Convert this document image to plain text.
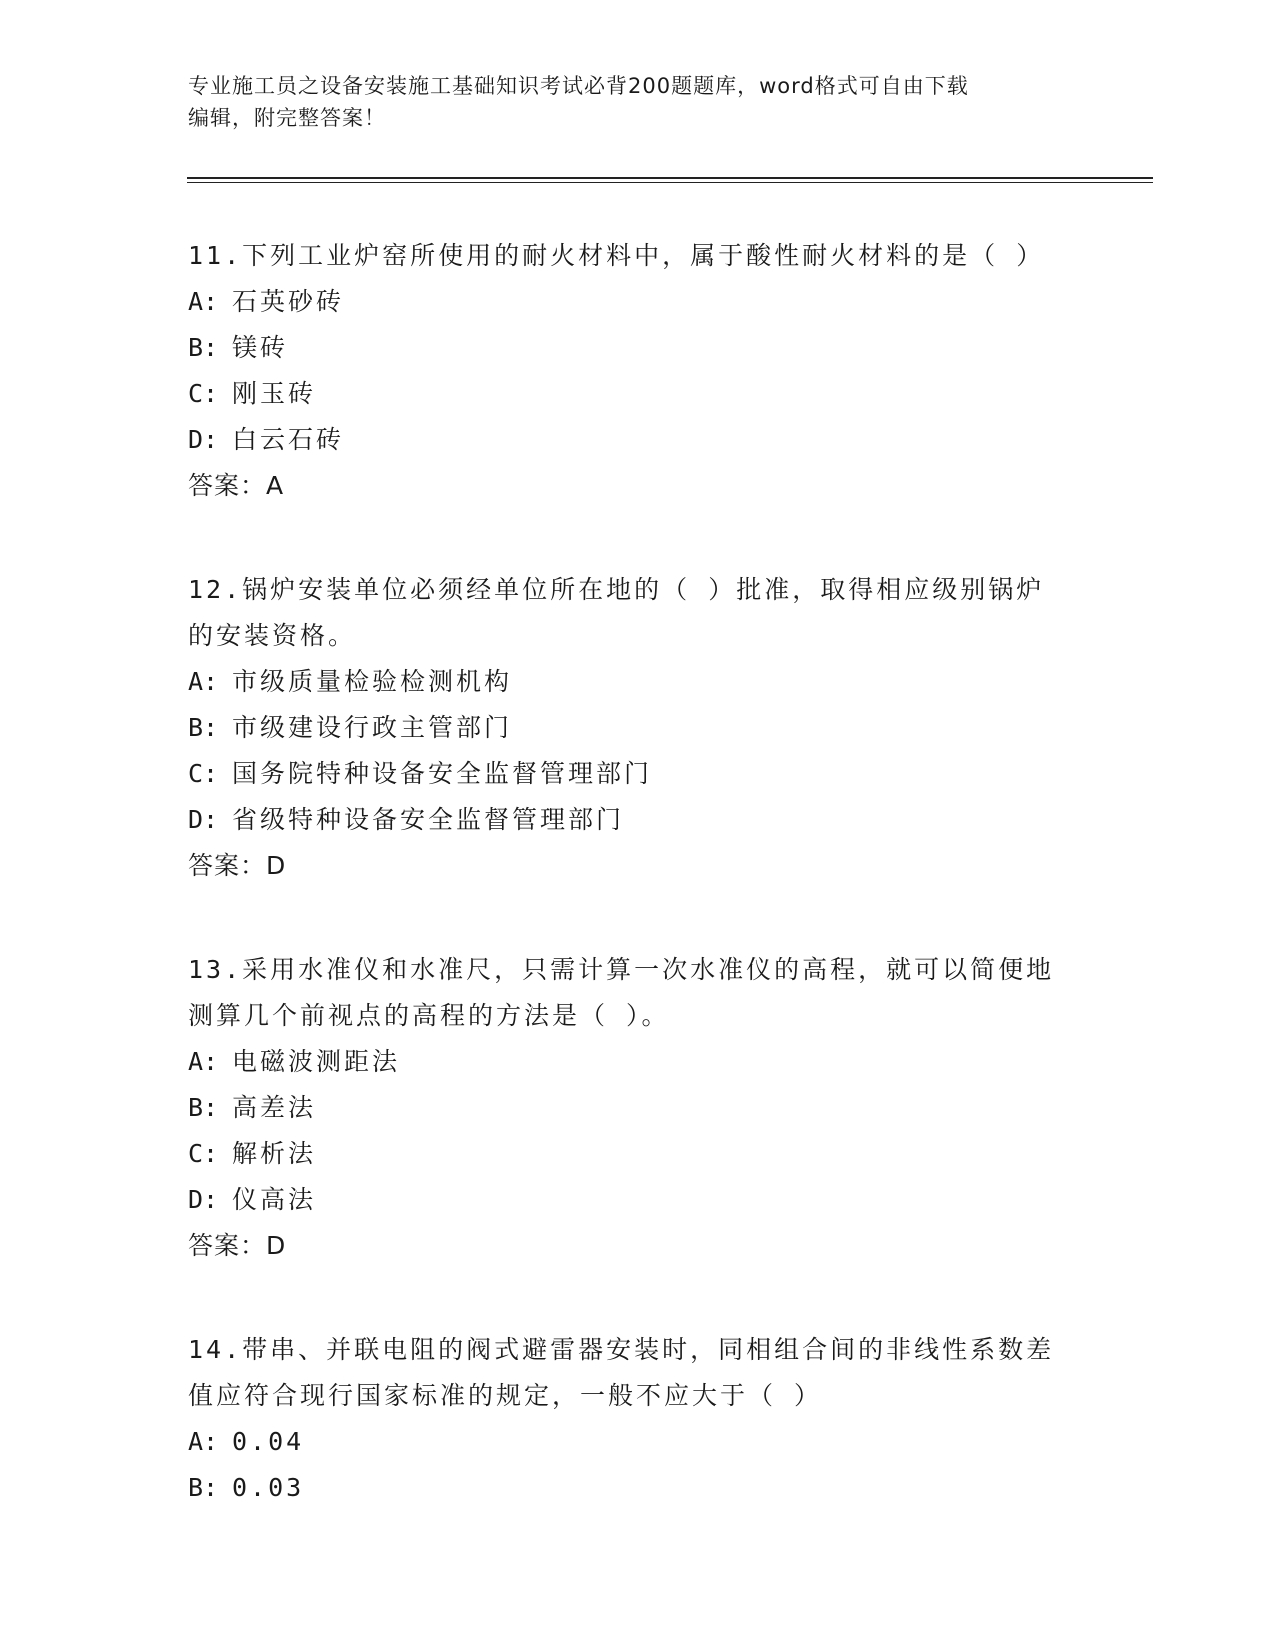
专业施工员之设备安装施工基础知识考试必背200题题库，word格式可自由下载
编辑，附完整答案！
11.下列工业炉窑所使用的耐火材料中，属于酸性耐火材料的是（ ）
A: 石英砂砖
B: 镁砖
C: 刚玉砖
D: 白云石砖
答案：A
12.锅炉安装单位必须经单位所在地的（ ）批准，取得相应级别锅炉
的安装资格。
A: 市级质量检验检测机构
B: 市级建设行政主管部门
C: 国务院特种设备安全监督管理部门
D: 省级特种设备安全监督管理部门
答案：D
13.采用水准仪和水准尺，只需计算一次水准仪的高程，就可以简便地
测算几个前视点的高程的方法是（ ）。
A: 电磁波测距法
B: 高差法
C: 解析法
D: 仪高法
答案：D
14.带串、并联电阻的阀式避雷器安装时，同相组合间的非线性系数差
值应符合现行国家标准的规定，一般不应大于（ ）
A: 0.04
B: 0.03
